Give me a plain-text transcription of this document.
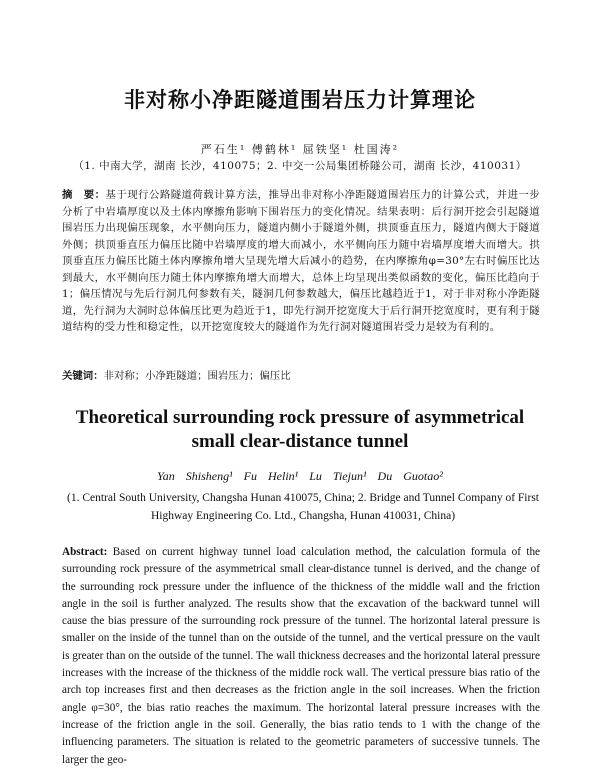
非对称小净距隧道围岩压力计算理论
严石生¹ 傅鹤林¹ 屈铁坚¹ 杜国涛²
（1. 中南大学，湖南 长沙，410075；2. 中交一公局集团桥隧公司，湖南 长沙，410031）
摘　要：基于现行公路隧道荷载计算方法，推导出非对称小净距隧道围岩压力的计算公式，并进一步分析了中岩墙厚度以及土体内摩擦角影响下围岩压力的变化情况。结果表明：后行洞开挖会引起隧道围岩压力出现偏压现象，水平侧向压力，隧道内侧小于隧道外侧，拱顶垂直压力，隧道内侧大于隧道外侧；拱顶垂直压力偏压比随中岩墙厚度的增大而减小，水平侧向压力随中岩墙厚度增大而增大。拱顶垂直压力偏压比随土体内摩擦角增大呈现先增大后减小的趋势，在内摩擦角φ=30°左右时偏压比达到最大，水平侧向压力随土体内摩擦角增大而增大，总体上均呈现出类似函数的变化，偏压比趋向于1；偏压情况与先后行洞几何参数有关，隧洞几何参数越大，偏压比越趋近于1，对于非对称小净距隧道，先行洞为大洞时总体偏压比更为趋近于1，即先行洞开挖宽度大于后行洞开挖宽度时，更有利于隧道结构的受力性和稳定性，以开挖宽度较大的隧道作为先行洞对隧道围岩受力是较为有利的。
关键词：非对称；小净距隧道；围岩压力；偏压比
Theoretical surrounding rock pressure of asymmetrical
small clear-distance tunnel
Yan Shisheng¹ Fu Helin¹ Lu Tiejun¹ Du Guotao²
(1. Central South University, Changsha Hunan 410075, China; 2. Bridge and Tunnel Company of First Highway Engineering Co. Ltd., Changsha, Hunan 410031, China)
Abstract: Based on current highway tunnel load calculation method, the calculation formula of the surrounding rock pressure of the asymmetrical small clear-distance tunnel is derived, and the change of the surrounding rock pressure under the influence of the thickness of the middle wall and the friction angle in the soil is further analyzed. The results show that the excavation of the backward tunnel will cause the bias pressure of the surrounding rock pressure of the tunnel. The horizontal lateral pressure is smaller on the inside of the tunnel than on the outside of the tunnel, and the vertical pressure on the vault is greater than on the outside of the tunnel. The wall thickness decreases and the horizontal lateral pressure increases with the increase of the thickness of the middle rock wall. The vertical pressure bias ratio of the arch top increases first and then decreases as the friction angle in the soil increases. When the friction angle φ=30°, the bias ratio reaches the maximum. The horizontal lateral pressure increases with the increase of the friction angle in the soil. Generally, the bias ratio tends to 1 with the change of the influencing parameters. The situation is related to the geometric parameters of successive tunnels. The larger the geo-
